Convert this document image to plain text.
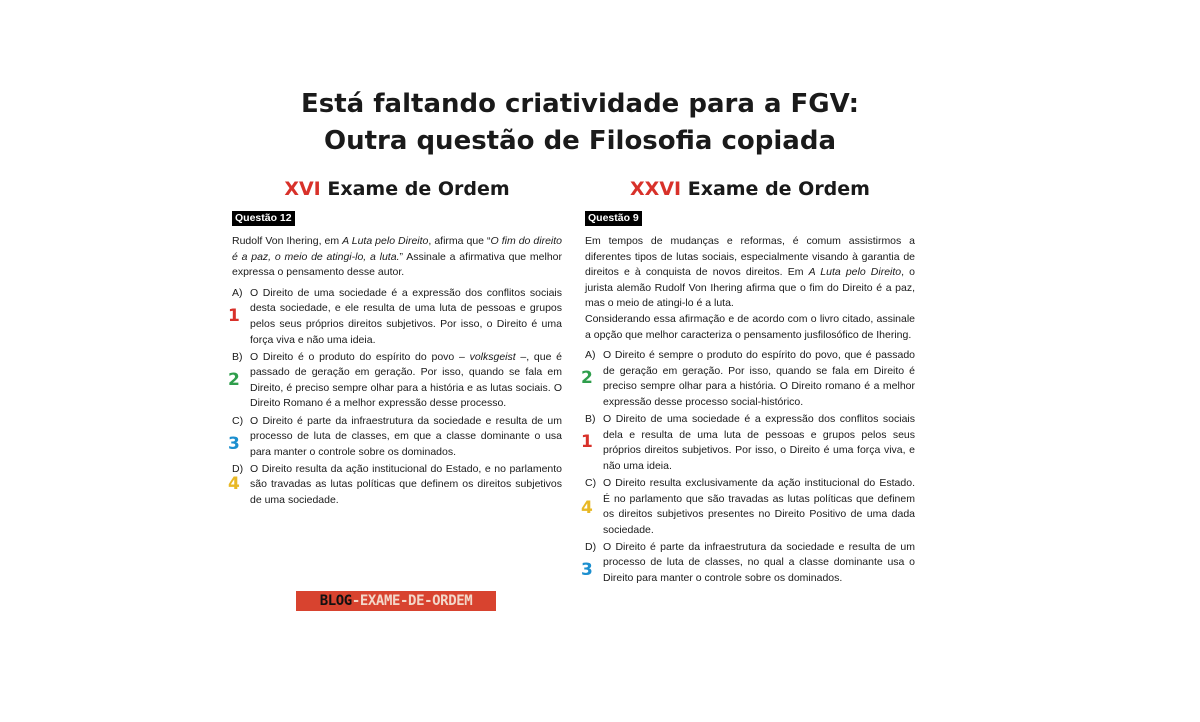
Está faltando criatividade para a FGV:
Outra questão de Filosofia copiada
XVI Exame de Ordem
Questão 12
Rudolf Von Ihering, em A Luta pelo Direito, afirma que “O fim do direito é a paz, o meio de atingi-lo, a luta.” Assinale a afirmativa que melhor expressa o pensamento desse autor.
A) O Direito de uma sociedade é a expressão dos conflitos sociais desta sociedade, e ele resulta de uma luta de pessoas e grupos pelos seus próprios direitos subjetivos. Por isso, o Direito é uma força viva e não uma ideia.
1
B) O Direito é o produto do espírito do povo – volksgeist –, que é passado de geração em geração. Por isso, quando se fala em Direito, é preciso sempre olhar para a história e as lutas sociais. O Direito Romano é a melhor expressão desse processo.
2
C) O Direito é parte da infraestrutura da sociedade e resulta de um processo de luta de classes, em que a classe dominante o usa para manter o controle sobre os dominados.
3
D) O Direito resulta da ação institucional do Estado, e no parlamento são travadas as lutas políticas que definem os direitos subjetivos de uma sociedade.
4
XXVI Exame de Ordem
Questão 9
Em tempos de mudanças e reformas, é comum assistirmos a diferentes tipos de lutas sociais, especialmente visando à garantia de direitos e à conquista de novos direitos. Em A Luta pelo Direito, o jurista alemão Rudolf Von Ihering afirma que o fim do Direito é a paz, mas o meio de atingi-lo é a luta.
Considerando essa afirmação e de acordo com o livro citado, assinale a opção que melhor caracteriza o pensamento jusfilosófico de Ihering.
A) O Direito é sempre o produto do espírito do povo, que é passado de geração em geração. Por isso, quando se fala em Direito é preciso sempre olhar para a história. O Direito romano é a melhor expressão desse processo social-histórico.
2
B) O Direito de uma sociedade é a expressão dos conflitos sociais dela e resulta de uma luta de pessoas e grupos pelos seus próprios direitos subjetivos. Por isso, o Direito é uma força viva, e não uma ideia.
1
C) O Direito resulta exclusivamente da ação institucional do Estado. É no parlamento que são travadas as lutas políticas que definem os direitos subjetivos presentes no Direito Positivo de uma dada sociedade.
4
D) O Direito é parte da infraestrutura da sociedade e resulta de um processo de luta de classes, no qual a classe dominante usa o Direito para manter o controle sobre os dominados.
3
BLOG-EXAME-DE-ORDEM
